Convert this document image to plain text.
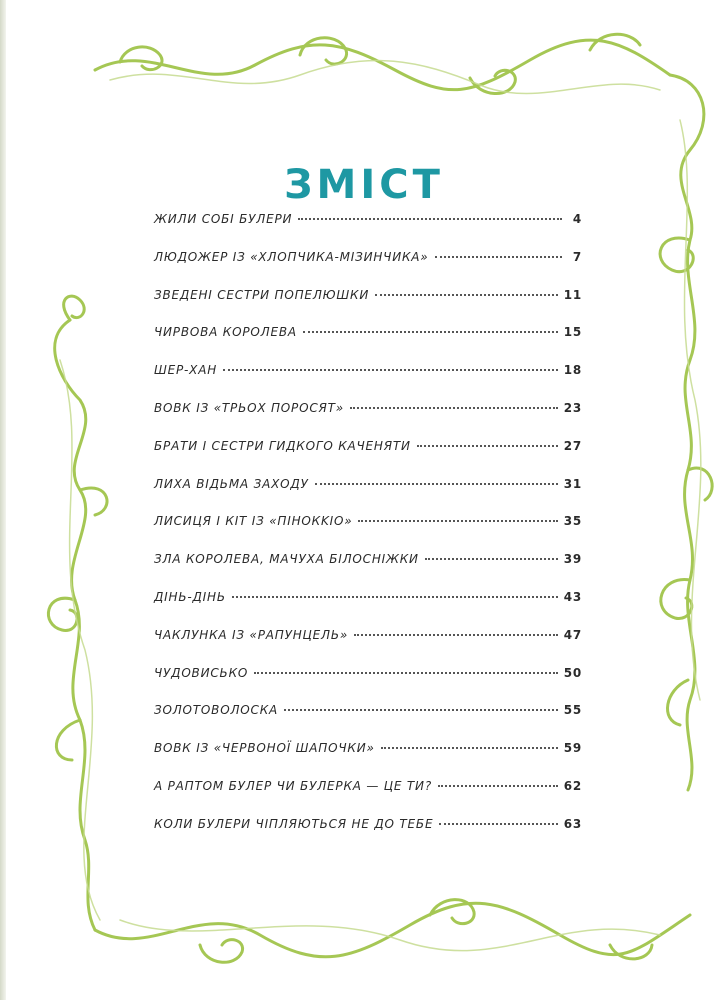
ЗМІСТ
ЖИЛИ СОБІ БУЛЕРИ	4
ЛЮДОЖЕР ІЗ «ХЛОПЧИКА-МІЗИНЧИКА»	7
ЗВЕДЕНІ СЕСТРИ ПОПЕЛЮШКИ	11
ЧИРВОВА КОРОЛЕВА	15
ШЕР-ХАН	18
ВОВК ІЗ «ТРЬОХ ПОРОСЯТ»	23
БРАТИ І СЕСТРИ ГИДКОГО КАЧЕНЯТИ	27
ЛИХА ВІДЬМА ЗАХОДУ	31
ЛИСИЦЯ І КІТ ІЗ «ПІНОКKІО»	35
ЗЛА КОРОЛЕВА, МАЧУХА БІЛОСНІЖКИ	39
ДІНЬ-ДІНЬ	43
ЧАКЛУНКА ІЗ «РАПУНЦЕЛЬ»	47
ЧУДОВИСЬКО	50
ЗОЛОТОВОЛОСКА	55
ВОВК ІЗ «ЧЕРВОНОЇ ШАПОЧКИ»	59
А РАПТОМ БУЛЕР ЧИ БУЛЕРКА — ЦЕ ТИ?	62
КОЛИ БУЛЕРИ ЧІПЛЯЮТЬСЯ НЕ ДО ТЕБЕ	63
